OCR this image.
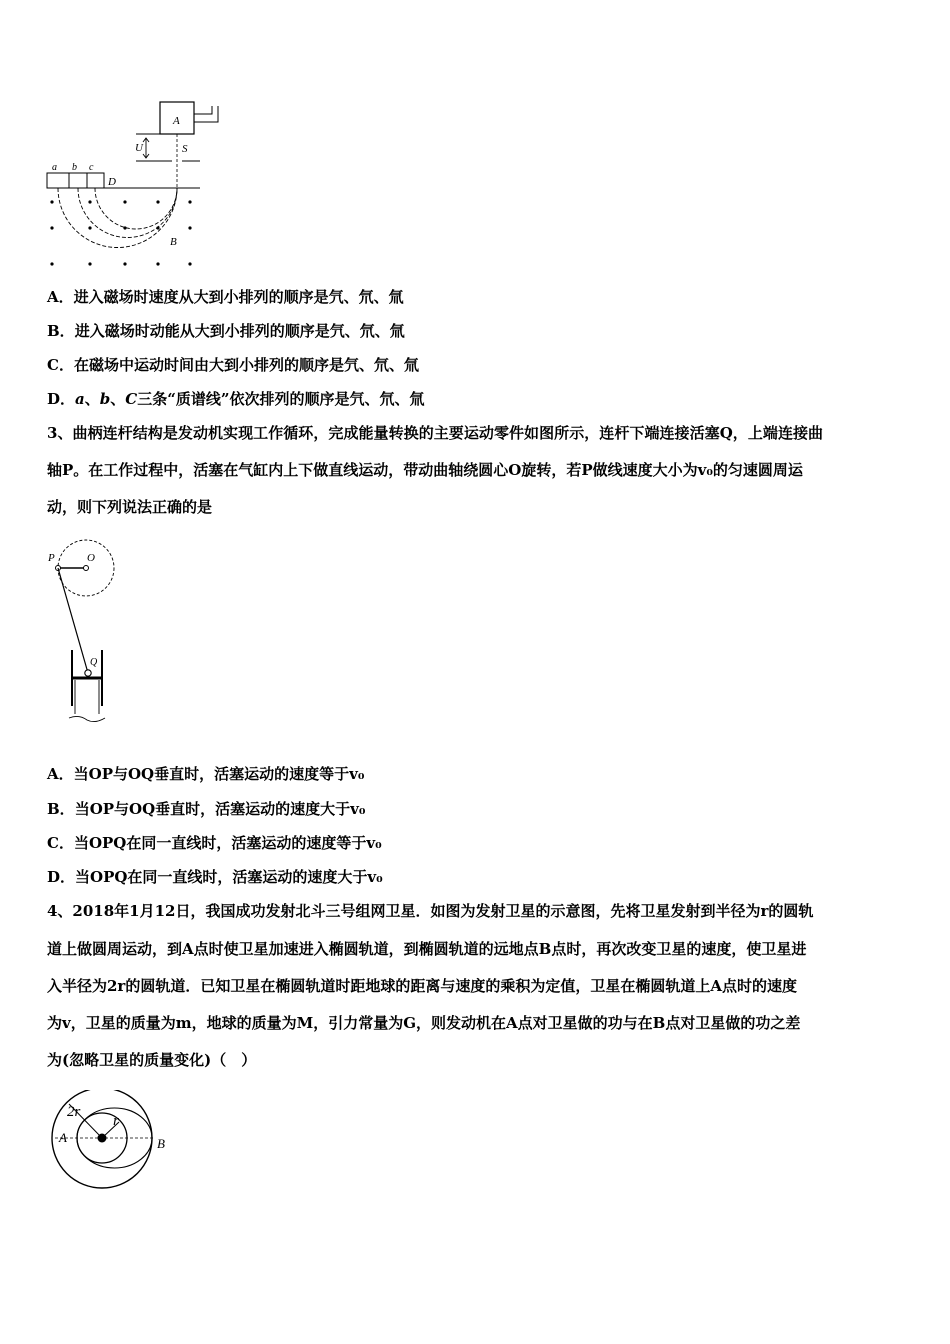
A
U	S
a b c
D
B
A．进入磁场时速度从大到小排列的顺序是氕、氘、氚
B．进入磁场时动能从大到小排列的顺序是氕、氘、氚
C．在磁场中运动时间由大到小排列的顺序是氕、氘、氚
D．a、b、C三条“质谱线”依次排列的顺序是氕、氘、氚
3、曲柄连杆结构是发动机实现工作循环，完成能量转换的主要运动零件如图所示，连杆下端连接活塞Q，上端连接曲
轴P。在工作过程中，活塞在气缸内上下做直线运动，带动曲轴绕圆心O旋转，若P做线速度大小为v₀的匀速圆周运
动，则下列说法正确的是
P	O
Q
A．当OP与OQ垂直时，活塞运动的速度等于v₀
B．当OP与OQ垂直时，活塞运动的速度大于v₀
C．当OPQ在同一直线时，活塞运动的速度等于v₀
D．当OPQ在同一直线时，活塞运动的速度大于v₀
4、2018年1月12日，我国成功发射北斗三号组网卫星．如图为发射卫星的示意图，先将卫星发射到半径为r的圆轨
道上做圆周运动，到A点时使卫星加速进入椭圆轨道，到椭圆轨道的远地点B点时，再次改变卫星的速度，使卫星进
入半径为2r的圆轨道．已知卫星在椭圆轨道时距地球的距离与速度的乘积为定值，卫星在椭圆轨道上A点时的速度
为v，卫星的质量为m，地球的质量为M，引力常量为G，则发动机在A点对卫星做的功与在B点对卫星做的功之差
为(忽略卫星的质量变化)（　）
2r
r
A	B
